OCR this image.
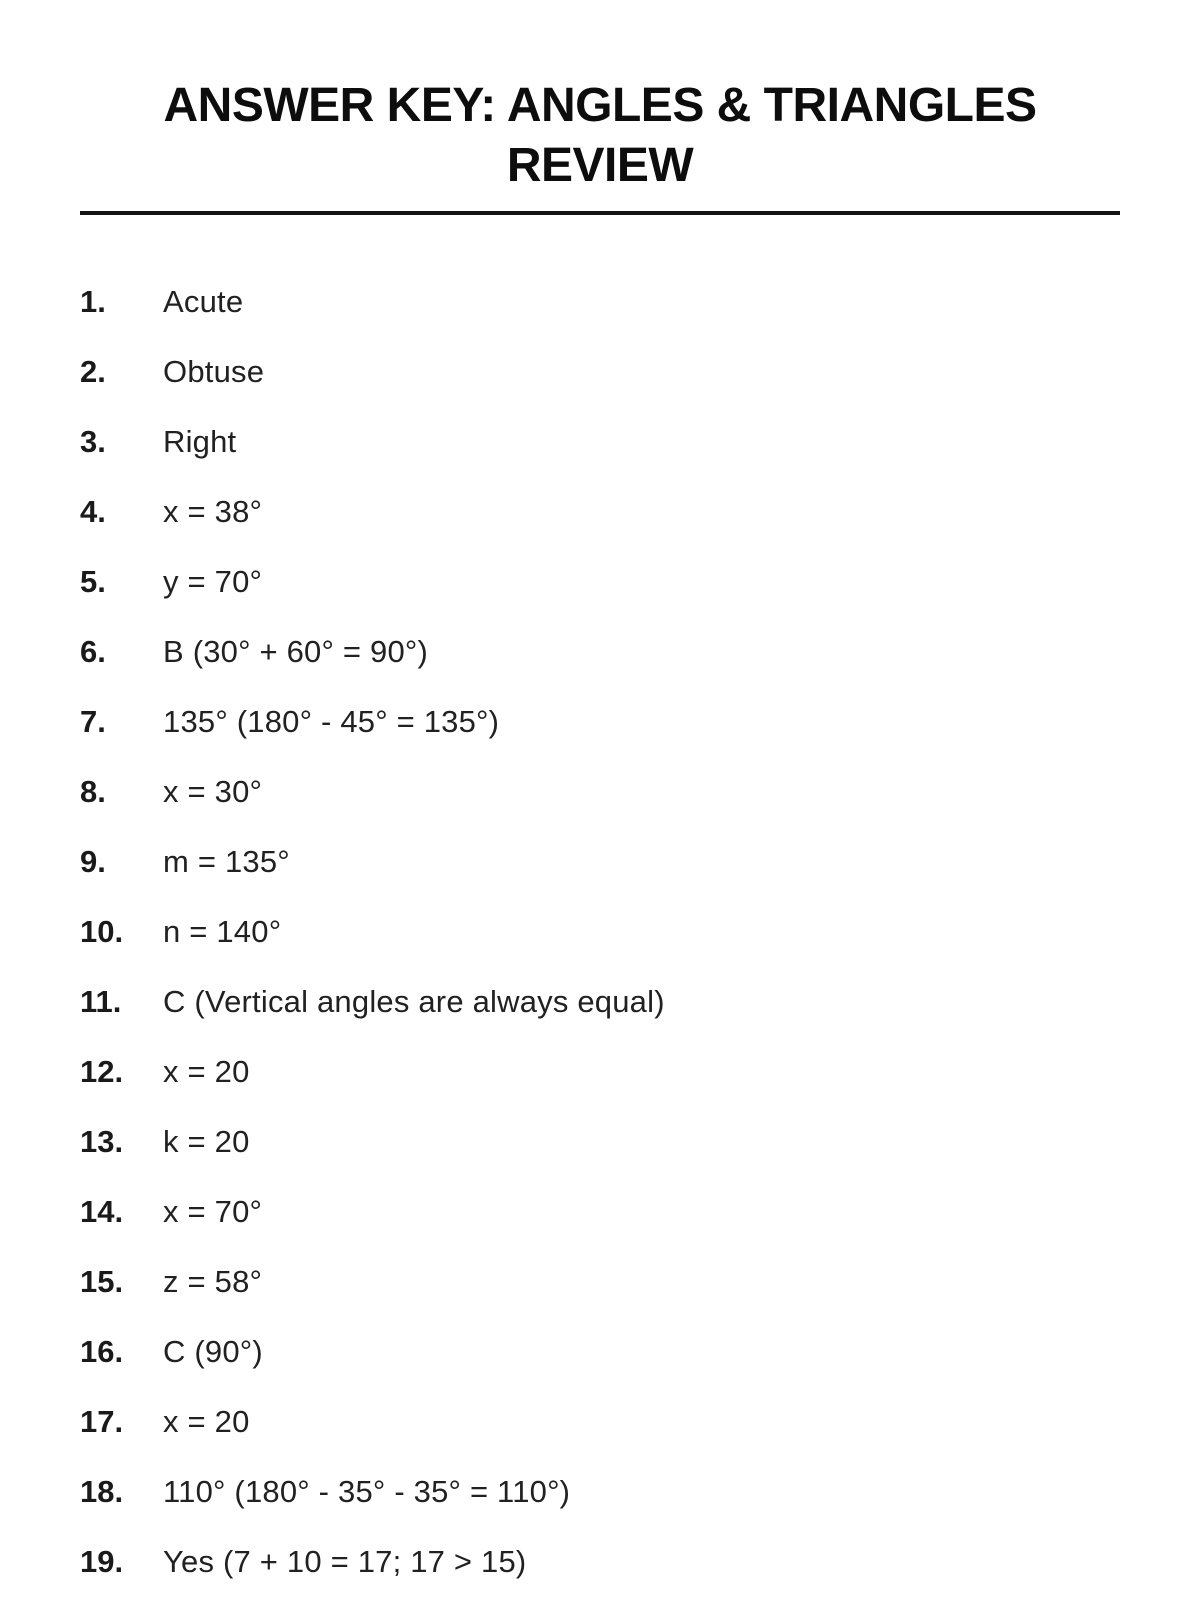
ANSWER KEY: ANGLES & TRIANGLES REVIEW
1.	Acute
2.	Obtuse
3.	Right
4.	x = 38°
5.	y = 70°
6.	B (30° + 60° = 90°)
7.	135° (180° - 45° = 135°)
8.	x = 30°
9.	m = 135°
10.	n = 140°
11.	C (Vertical angles are always equal)
12.	x = 20
13.	k = 20
14.	x = 70°
15.	z = 58°
16.	C (90°)
17.	x = 20
18.	110° (180° - 35° - 35° = 110°)
19.	Yes (7 + 10 = 17; 17 > 15)
